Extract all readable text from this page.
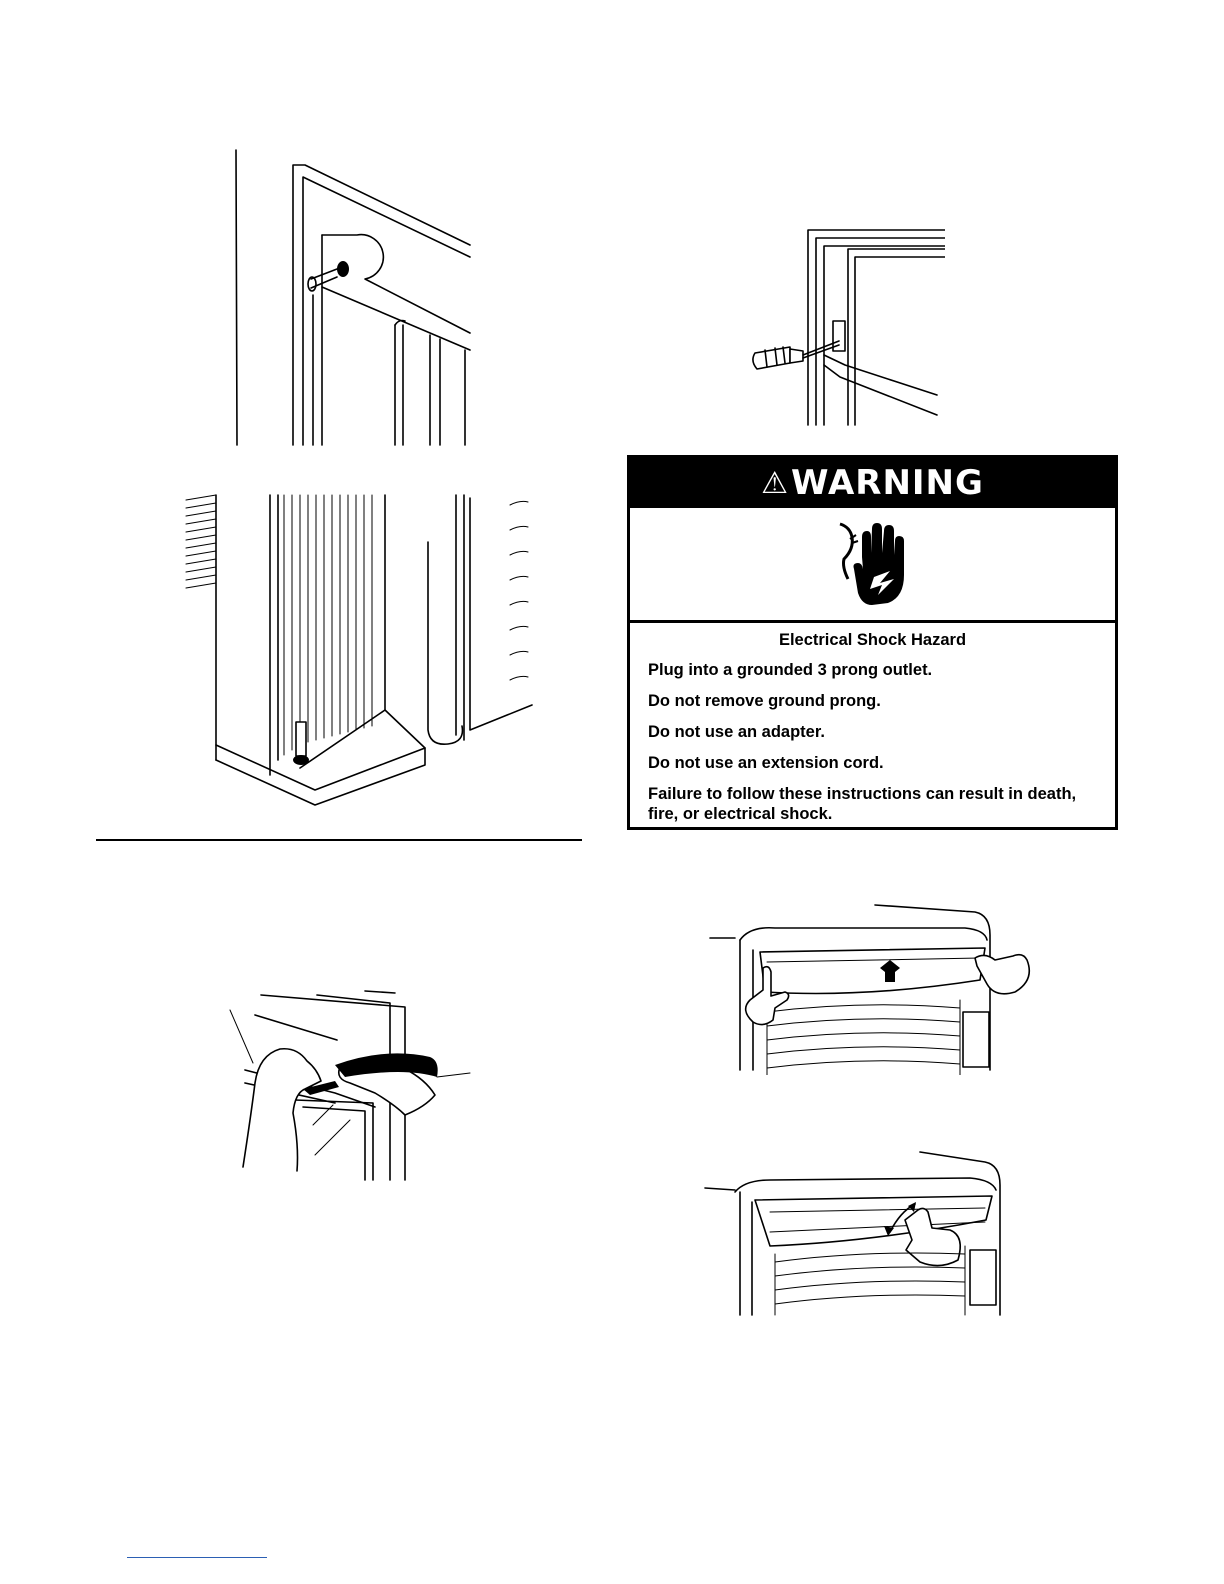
⚠ WARNING
Electrical Shock Hazard

Plug into a grounded 3 prong outlet.

Do not remove ground prong.

Do not use an adapter.

Do not use an extension cord.

Failure to follow these instructions can result in death, fire, or electrical shock.
